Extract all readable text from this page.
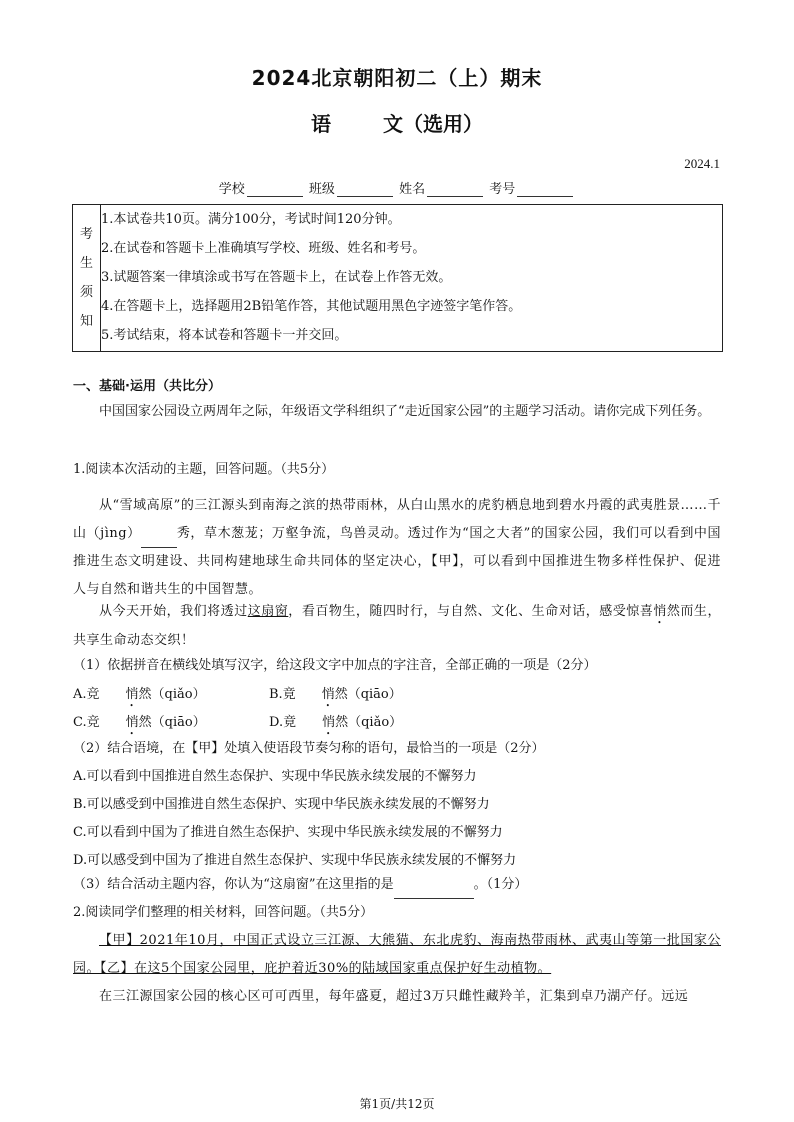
2024北京朝阳初二（上）期末
语	文（选用）
2024.1
学校	班级	姓名	考号
考
生
须
知
1.本试卷共10页。满分100分，考试时间120分钟。
2.在试卷和答题卡上准确填写学校、班级、姓名和考号。
3.试题答案一律填涂或书写在答题卡上，在试卷上作答无效。
4.在答题卡上，选择题用2B铅笔作答，其他试题用黑色字迹签字笔作答。
5.考试结束，将本试卷和答题卡一并交回。
一、基础·运用（共比分）
中国国家公园设立两周年之际，年级语文学科组织了“走近国家公园”的主题学习活动。请你完成下列任务。
1.阅读本次活动的主题，回答问题。（共5分）
从“雪域高原”的三江源头到南海之滨的热带雨林，从白山黑水的虎豹栖息地到碧水丹霞的武夷胜景……千山（jìng）	秀，草木葱茏；万壑争流，鸟兽灵动。透过作为“国之大者”的国家公园，我们可以看到中国推进生态文明建设、共同构建地球生命共同体的坚定决心，【甲】，可以看到中国推进生物多样性保护、促进人与自然和谐共生的中国智慧。
从今天开始，我们将透过这扇窗，看百物生，随四时行，与自然、文化、生命对话，感受惊喜悄然而生，共享生命动态交织！
（1）依据拼音在横线处填写汉字，给这段文字中加点的字注音，全部正确的一项是（2分）
A.竞 悄然（qiǎo）	B.竟 悄然（qiāo）
C.竞 悄然（qiāo）	D.竟 悄然（qiǎo）
（2）结合语境，在【甲】处填入使语段节奏匀称的语句，最恰当的一项是（2分）
A.可以看到中国推进自然生态保护、实现中华民族永续发展的不懈努力
B.可以感受到中国推进自然生态保护、实现中华民族永续发展的不懈努力
C.可以看到中国为了推进自然生态保护、实现中华民族永续发展的不懈努力
D.可以感受到中国为了推进自然生态保护、实现中华民族永续发展的不懈努力
（3）结合活动主题内容，你认为“这扇窗”在这里指的是	。（1分）
2.阅读同学们整理的相关材料，回答问题。（共5分）
【甲】2021年10月，中国正式设立三江源、大熊猫、东北虎豹、海南热带雨林、武夷山等第一批国家公园。【乙】在这5个国家公园里，庇护着近30%的陆域国家重点保护好生动植物。
在三江源国家公园的核心区可可西里，每年盛夏，超过3万只雌性藏羚羊，汇集到卓乃湖产仔。远远
第1页/共12页
